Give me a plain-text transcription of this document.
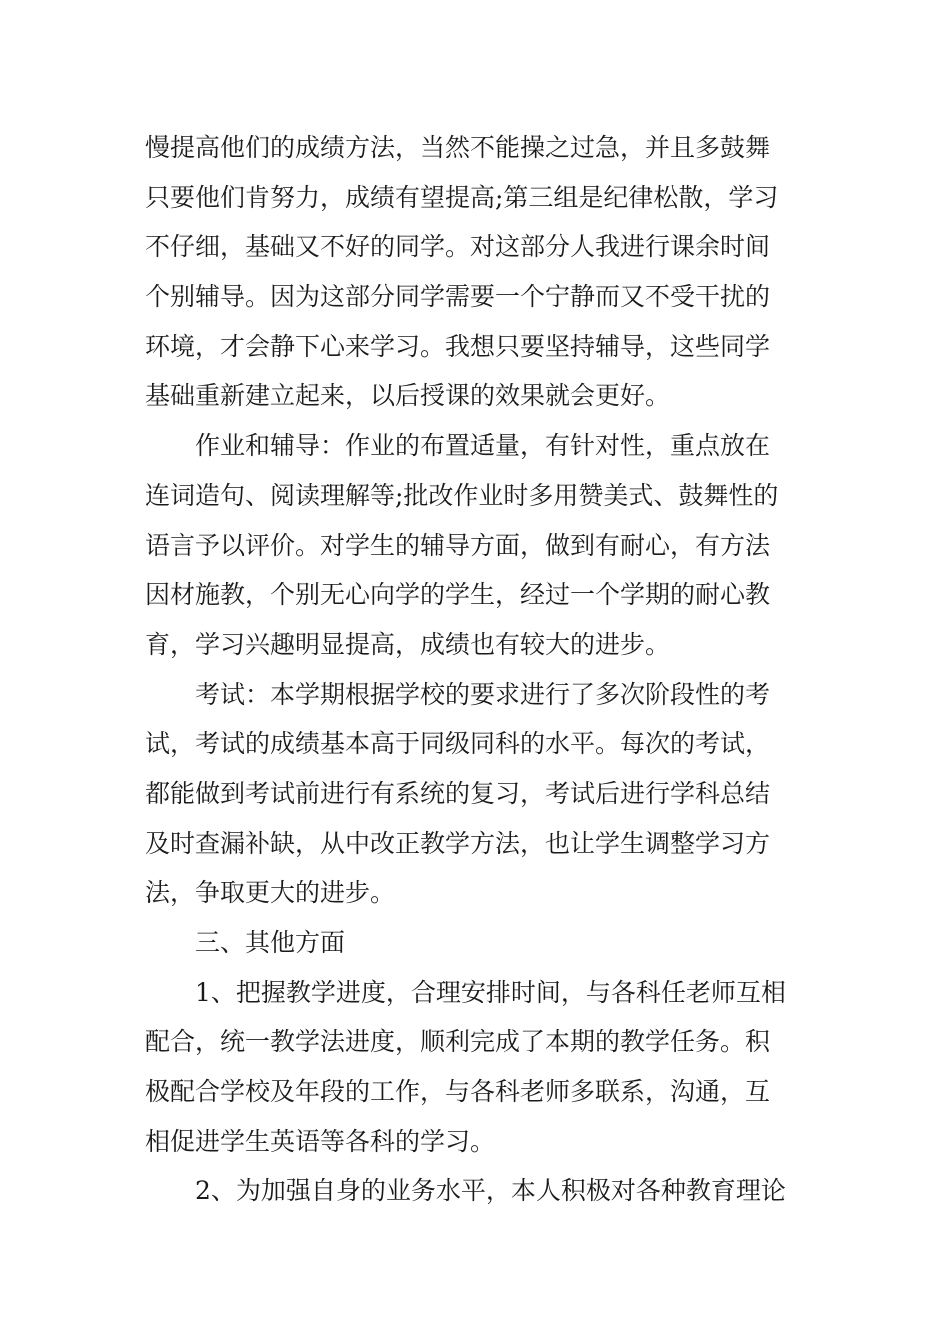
慢提高他们的成绩方法，当然不能操之过急，并且多鼓舞
只要他们肯努力，成绩有望提高;第三组是纪律松散，学习
不仔细，基础又不好的同学。对这部分人我进行课余时间
个别辅导。因为这部分同学需要一个宁静而又不受干扰的
环境，才会静下心来学习。我想只要坚持辅导，这些同学
基础重新建立起来，以后授课的效果就会更好。
作业和辅导：作业的布置适量，有针对性，重点放在
连词造句、阅读理解等;批改作业时多用赞美式、鼓舞性的
语言予以评价。对学生的辅导方面，做到有耐心，有方法
因材施教，个别无心向学的学生，经过一个学期的耐心教
育，学习兴趣明显提高，成绩也有较大的进步。
考试：本学期根据学校的要求进行了多次阶段性的考
试，考试的成绩基本高于同级同科的水平。每次的考试，
都能做到考试前进行有系统的复习，考试后进行学科总结
及时查漏补缺，从中改正教学方法，也让学生调整学习方
法，争取更大的进步。
三、其他方面
1、把握教学进度，合理安排时间，与各科任老师互相
配合，统一教学法进度，顺利完成了本期的教学任务。积
极配合学校及年段的工作，与各科老师多联系，沟通，互
相促进学生英语等各科的学习。
2、为加强自身的业务水平，本人积极对各种教育理论
